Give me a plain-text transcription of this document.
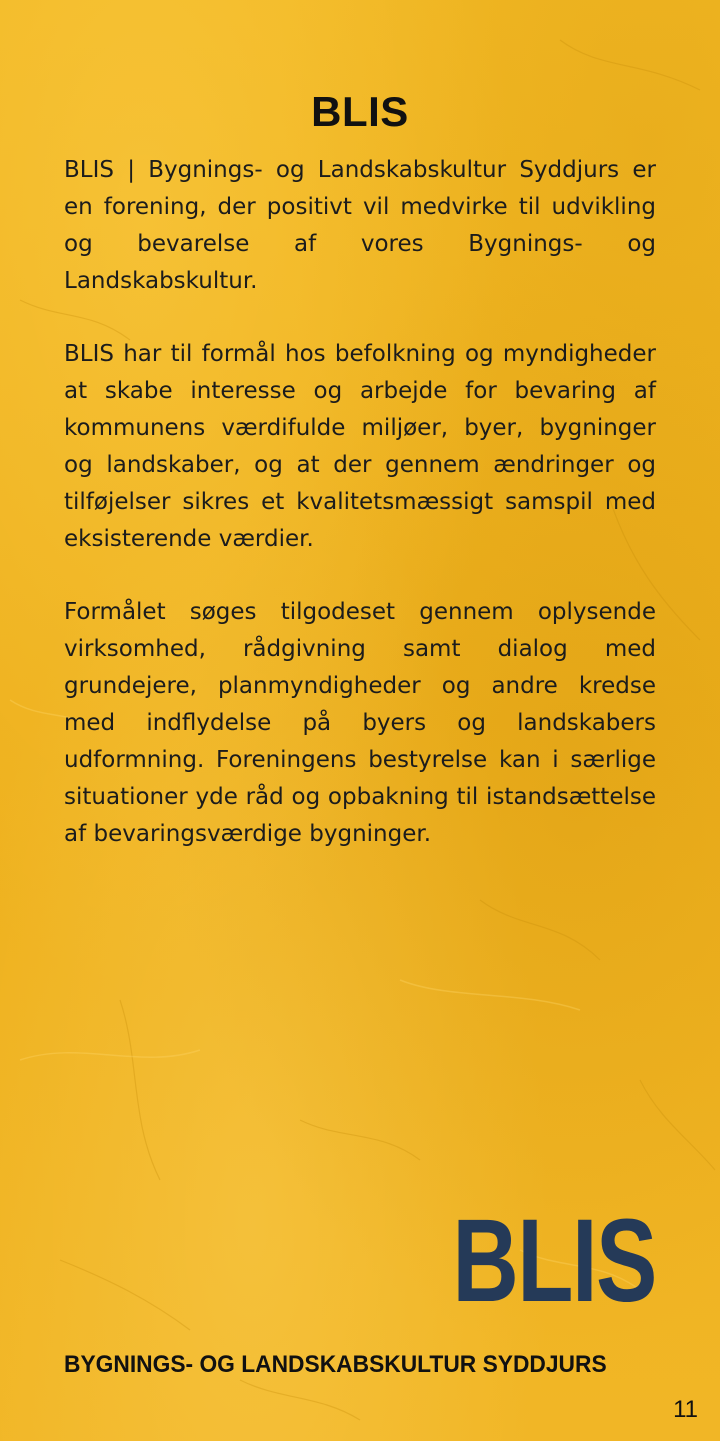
BLIS

BLIS | Bygnings- og Landskabskultur Syddjurs er en forening, der positivt vil medvirke til udvikling og bevarelse af vores Bygnings- og Landskabskultur.

BLIS har til formål hos befolkning og myndigheder at skabe interesse og arbejde for bevaring af kommunens værdifulde miljøer, byer, bygninger og landskaber, og at der gennem ændringer og tilføjelser sikres et kvalitetsmæssigt samspil med eksisterende værdier.

Formålet søges tilgodeset gennem oplysende virksomhed, rådgivning samt dialog med grundejere, planmyndigheder og andre kredse med indflydelse på byers og landskabers udformning. Foreningens bestyrelse kan i særlige situationer yde råd og opbakning til istandsættelse af bevaringsværdige bygninger.

BLIS
BYGNINGS- OG LANDSKABSKULTUR SYDDJURS
11
